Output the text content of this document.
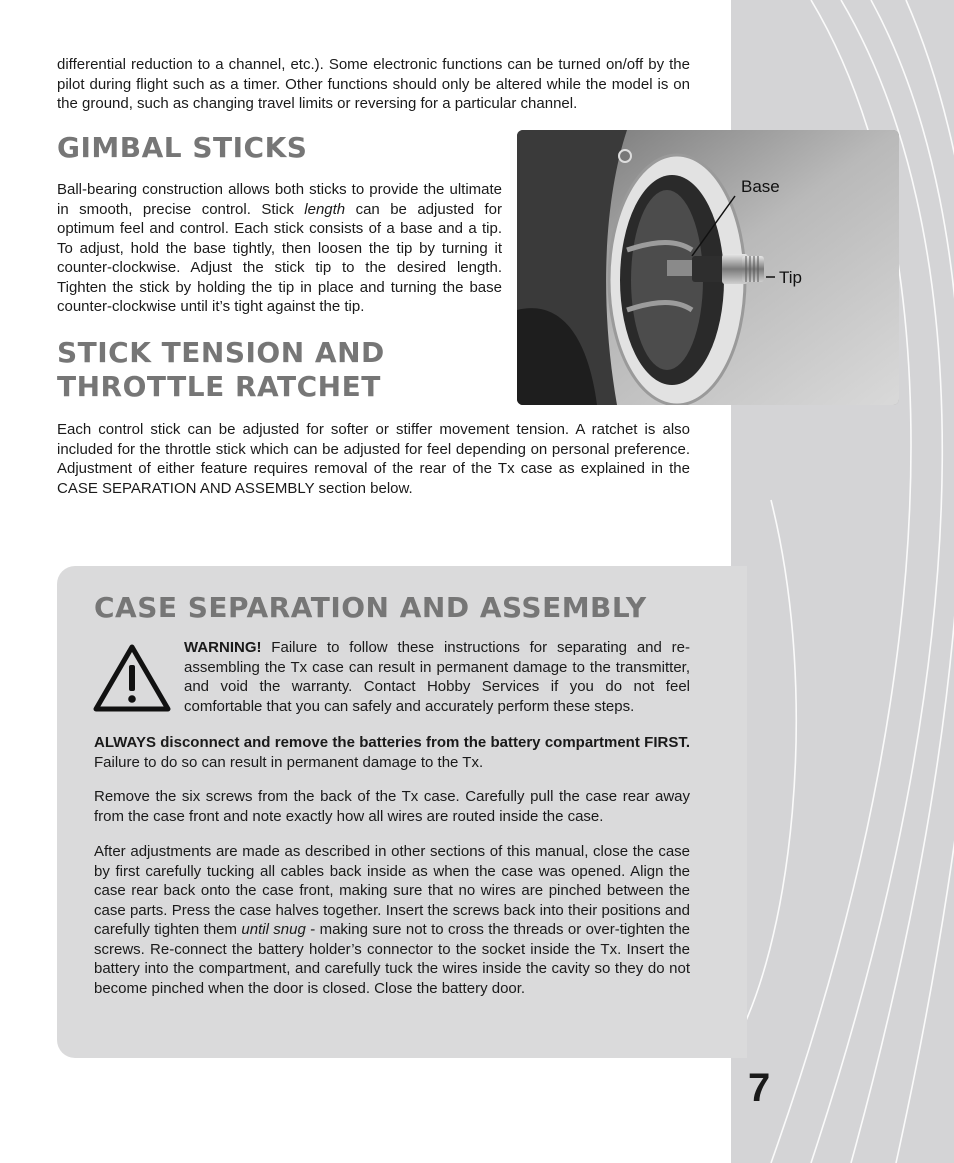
differential reduction to a channel, etc.). Some electronic functions can be turned on/off by the pilot during flight such as a timer. Other functions should only be altered while the model is on the ground, such as changing travel limits or reversing for a particular channel.

GIMBAL STICKS

Ball-bearing construction allows both sticks to provide the ultimate in smooth, precise control. Stick length can be adjusted for optimum feel and control. Each stick consists of a base and a tip. To adjust, hold the base tightly, then loosen the tip by turning it counter-clockwise. Adjust the stick tip to the desired length. Tighten the stick by holding the tip in place and turning the base counter-clockwise until it’s tight against the tip.

Base
Tip
STICK TENSION AND
THROTTLE RATCHET

Each control stick can be adjusted for softer or stiffer movement tension. A ratchet is also included for the throttle stick which can be adjusted for feel depending on personal preference. Adjustment of either feature requires removal of the rear of the Tx case as explained in the CASE SEPARATION AND ASSEMBLY section below.

CASE SEPARATION AND ASSEMBLY

WARNING! Failure to follow these instructions for separating and re-assembling the Tx case can result in permanent damage to the transmitter, and void the warranty. Contact Hobby Services if you do not feel comfortable that you can safely and accurately perform these steps.

ALWAYS disconnect and remove the batteries from the battery compartment FIRST. Failure to do so can result in permanent damage to the Tx.

Remove the six screws from the back of the Tx case. Carefully pull the case rear away from the case front and note exactly how all wires are routed inside the case.

After adjustments are made as described in other sections of this manual, close the case by first carefully tucking all cables back inside as when the case was opened. Align the case rear back onto the case front, making sure that no wires are pinched between the case parts. Press the case halves together. Insert the screws back into their positions and carefully tighten them until snug - making sure not to cross the threads or over-tighten the screws. Re-connect the battery holder’s connector to the socket inside the Tx. Insert the battery into the compartment, and carefully tuck the wires inside the cavity so they do not become pinched when the door is closed. Close the battery door.

7
